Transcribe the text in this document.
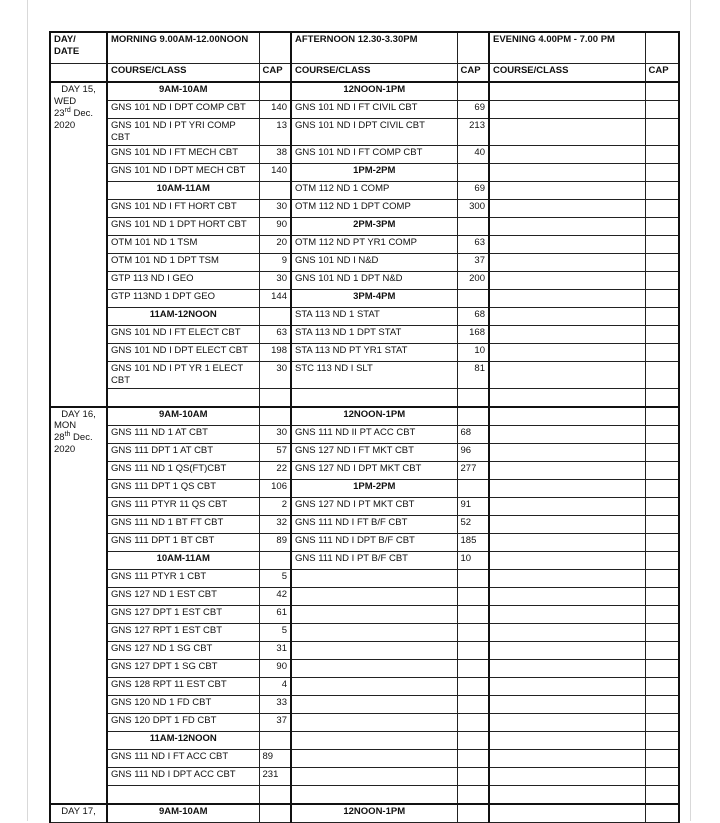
DAY/ DATE	MORNING 9.00AM-12.00NOON		AFTERNOON 12.30-3.30PM		EVENING 4.00PM - 7.00 PM	
	COURSE/CLASS	CAP	COURSE/CLASS	CAP	COURSE/CLASS	CAP

DAY 15,
WED
23rd Dec.
2020	9AM-10AM		12NOON-1PM			
	GNS 101 ND I DPT COMP CBT	140	GNS 101 ND I FT CIVIL CBT	69		
	GNS 101 ND I PT YRI COMP CBT	13	GNS 101 ND I DPT CIVIL CBT	213		
	GNS 101 ND I FT MECH CBT	38	GNS 101 ND I FT COMP CBT	40		
	GNS 101 ND I DPT MECH CBT	140	1PM-2PM			
	10AM-11AM		OTM 112 ND 1 COMP	69		
	GNS 101 ND I FT HORT CBT	30	OTM 112 ND 1 DPT COMP	300		
	GNS 101 ND 1 DPT HORT CBT	90	2PM-3PM			
	OTM 101 ND 1 TSM	20	OTM 112 ND PT YR1 COMP	63		
	OTM 101 ND 1 DPT TSM	9	GNS 101 ND I N&D	37		
	GTP 113 ND I GEO	30	GNS 101 ND 1 DPT N&D	200		
	GTP 113ND 1 DPT GEO	144	3PM-4PM			
	11AM-12NOON		STA 113 ND 1 STAT	68		
	GNS 101 ND I FT ELECT CBT	63	STA 113 ND 1 DPT STAT	168		
	GNS 101 ND I DPT ELECT CBT	198	STA 113 ND PT YR1 STAT	10		
	GNS 101 ND I PT YR 1 ELECT CBT	30	STC 113 ND I SLT	81		

DAY 16,
MON
28th Dec.
2020	9AM-10AM		12NOON-1PM			
	GNS 111 ND 1 AT CBT	30	GNS 111 ND II PT ACC CBT	68		
	GNS 111 DPT 1 AT CBT	57	GNS 127 ND I FT MKT CBT	96		
	GNS 111 ND 1 QS(FT)CBT	22	GNS 127 ND I DPT MKT CBT	277		
	GNS 111 DPT 1 QS CBT	106	1PM-2PM			
	GNS 111 PTYR 11 QS CBT	2	GNS 127 ND I PT MKT CBT	91		
	GNS 111 ND 1 BT FT CBT	32	GNS 111 ND I FT B/F CBT	52		
	GNS 111 DPT 1 BT CBT	89	GNS 111 ND I DPT B/F CBT	185		
	10AM-11AM		GNS 111 ND I PT B/F CBT	10		
	GNS 111 PTYR 1 CBT	5				
	GNS 127 ND 1 EST CBT	42				
	GNS 127 DPT 1 EST CBT	61				
	GNS 127 RPT 1 EST CBT	5				
	GNS 127 ND 1 SG CBT	31				
	GNS 127 DPT 1 SG CBT	90				
	GNS 128 RPT 11 EST CBT	4				
	GNS 120 ND 1 FD CBT	33				
	GNS 120 DPT 1 FD CBT	37				
	11AM-12NOON					
	GNS 111 ND I FT ACC CBT	89				
	GNS 111 ND I DPT ACC CBT	231				

DAY 17,	9AM-10AM		12NOON-1PM			
